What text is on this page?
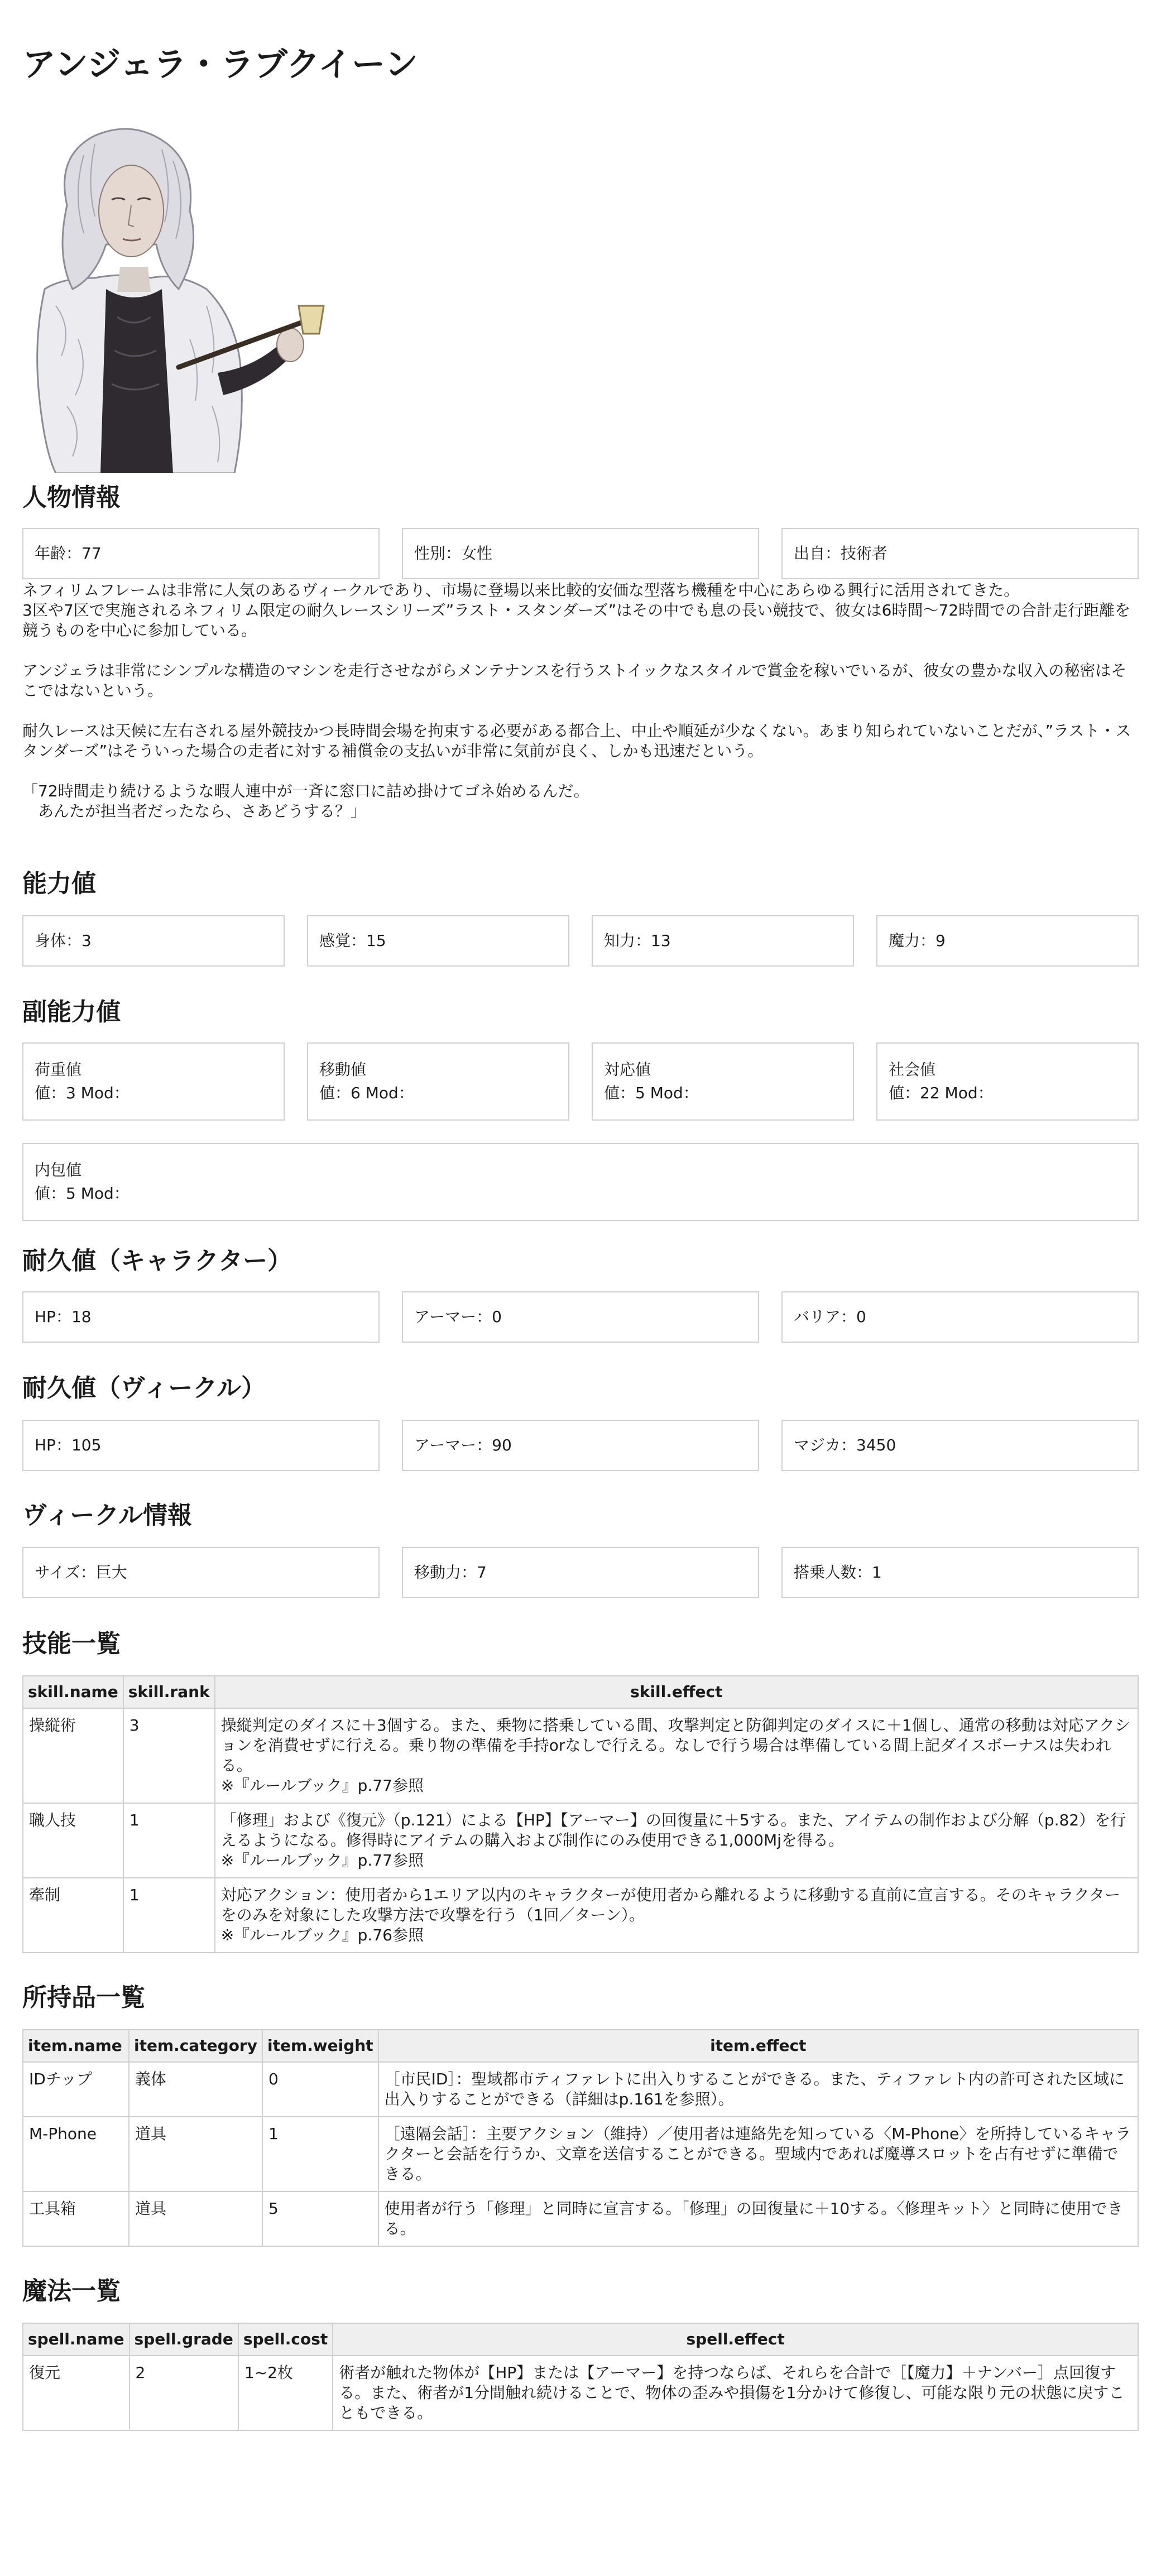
アンジェラ・ラブクイーン
人物情報
年齢：77	性別：女性	出自：技術者

ネフィリムフレームは非常に人気のあるヴィークルであり、市場に登場以来比較的安価な型落ち機種を中心にあらゆる興行に活用されてきた。

3区や7区で実施されるネフィリム限定の耐久レースシリーズ”ラスト・スタンダーズ”はその中でも息の長い競技で、彼女は6時間～72時間での合計走行距離を競うものを中心に参加している。

アンジェラは非常にシンプルな構造のマシンを走行させながらメンテナンスを行うストイックなスタイルで賞金を稼いでいるが、彼女の豊かな収入の秘密はそこではないという。

耐久レースは天候に左右される屋外競技かつ長時間会場を拘束する必要がある都合上、中止や順延が少なくない。あまり知られていないことだが、”ラスト・スタンダーズ”はそういった場合の走者に対する補償金の支払いが非常に気前が良く、しかも迅速だという。

「72時間走り続けるような暇人連中が一斉に窓口に詰め掛けてゴネ始めるんだ。

　あんたが担当者だったなら、さあどうする？」

能力値
身体：3	感覚：15	知力：13	魔力：9
副能力値
荷重値
値：3 Mod：
移動値
値：6 Mod：
対応値
値：5 Mod：
社会値
値：22 Mod：
内包値
値：5 Mod：
耐久値（キャラクター）
HP：18	アーマー：0	バリア：0
耐久値（ヴィークル）
HP：105	アーマー：90	マジカ：3450
ヴィークル情報
サイズ：巨大	移動力：7	搭乗人数：1
技能一覧
skill.name	skill.rank	skill.effect
操縦術	3	操縦判定のダイスに＋3個する。また、乗物に搭乗している間、攻撃判定と防御判定のダイスに＋1個し、通常の移動は対応アクションを消費せずに行える。乗り物の準備を手持orなしで行える。なしで行う場合は準備している間上記ダイスボーナスは失われる。
※『ルールブック』p.77参照

職人技	1	「修理」および《復元》（p.121）による【HP】【アーマー】の回復量に＋5する。また、アイテムの制作および分解（p.82）を行えるようになる。修得時にアイテムの購入および制作にのみ使用できる1,000Mjを得る。
※『ルールブック』p.77参照

牽制	1	対応アクション：使用者から1エリア以内のキャラクターが使用者から離れるように移動する直前に宣言する。そのキャラクターをのみを対象にした攻撃方法で攻撃を行う（1回／ターン）。
※『ルールブック』p.76参照
所持品一覧
item.name	item.category	item.weight	item.effect
IDチップ	義体	0	［市民ID］：聖域都市ティファレトに出入りすることができる。また、ティファレト内の許可された区域に出入りすることができる（詳細はp.161を参照）。
M-Phone	道具	1	［遠隔会話］：主要アクション（維持）／使用者は連絡先を知っている〈M-Phone〉を所持しているキャラクターと会話を行うか、文章を送信することができる。聖域内であれば魔導スロットを占有せずに準備できる。
工具箱	道具	5	使用者が行う「修理」と同時に宣言する。「修理」の回復量に＋10する。〈修理キット〉と同時に使用できる。
魔法一覧
spell.name	spell.grade	spell.cost	spell.effect
復元	2	1~2枚	術者が触れた物体が【HP】または【アーマー】を持つならば、それらを合計で［【魔力】＋ナンバー］点回復する。また、術者が1分間触れ続けることで、物体の歪みや損傷を1分かけて修復し、可能な限り元の状態に戻すこともできる。
